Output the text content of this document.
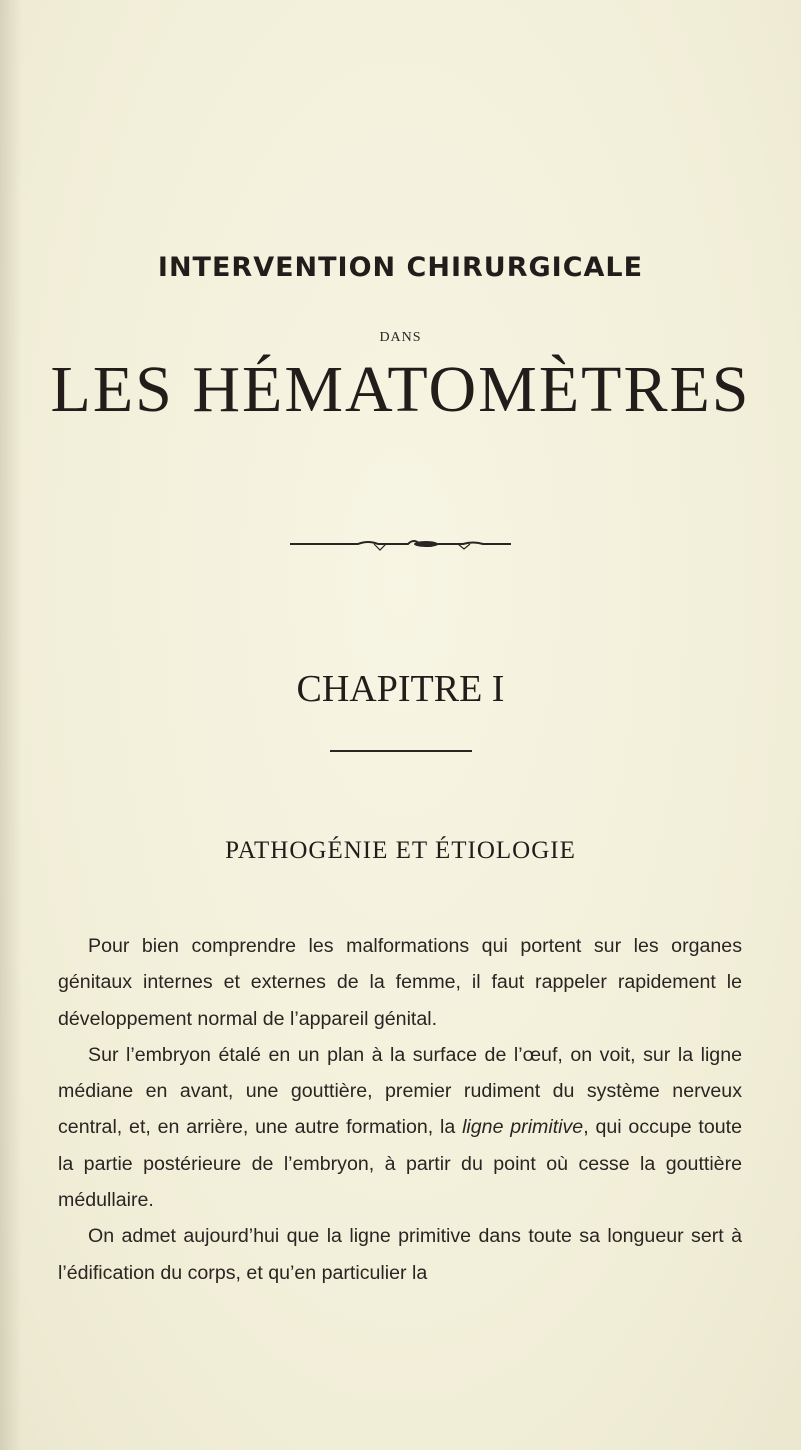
INTERVENTION CHIRURGICALE
DANS
LES HÉMATOMÈTRES
CHAPITRE I
PATHOGÉNIE ET ÉTIOLOGIE

Pour bien comprendre les malformations qui portent sur les organes génitaux internes et externes de la femme, il faut rappeler rapidement le développement normal de l’appareil génital.

Sur l’embryon étalé en un plan à la surface de l’œuf, on voit, sur la ligne médiane en avant, une gouttière, premier rudiment du système nerveux central, et, en arrière, une autre formation, la ligne primitive, qui occupe toute la partie postérieure de l’embryon, à partir du point où cesse la gouttière médullaire.

On admet aujourd’hui que la ligne primitive dans toute sa longueur sert à l’édification du corps, et qu’en particulier la
